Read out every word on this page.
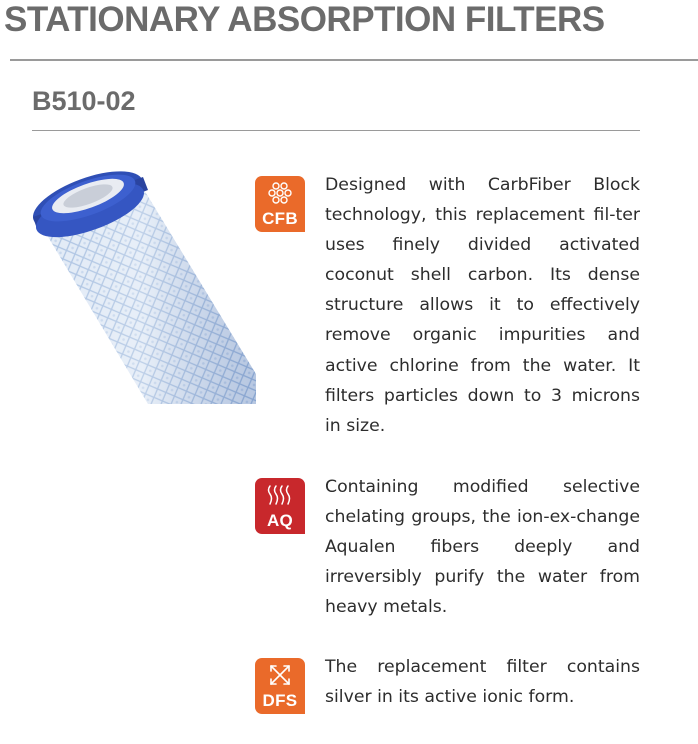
STATIONARY ABSORPTION FILTERS
B510-02
CFB

Designed with CarbFiber Block technology, this replacement fil-ter uses finely divided activated coconut shell carbon. Its dense structure allows it to effectively remove organic impurities and active chlorine from the water. It filters particles down to 3 microns in size.

AQ

Containing modified selective chelating groups, the ion-ex-change Aqualen fibers deeply and irreversibly purify the water from heavy metals.

DFS

The replacement filter contains silver in its active ionic form.
